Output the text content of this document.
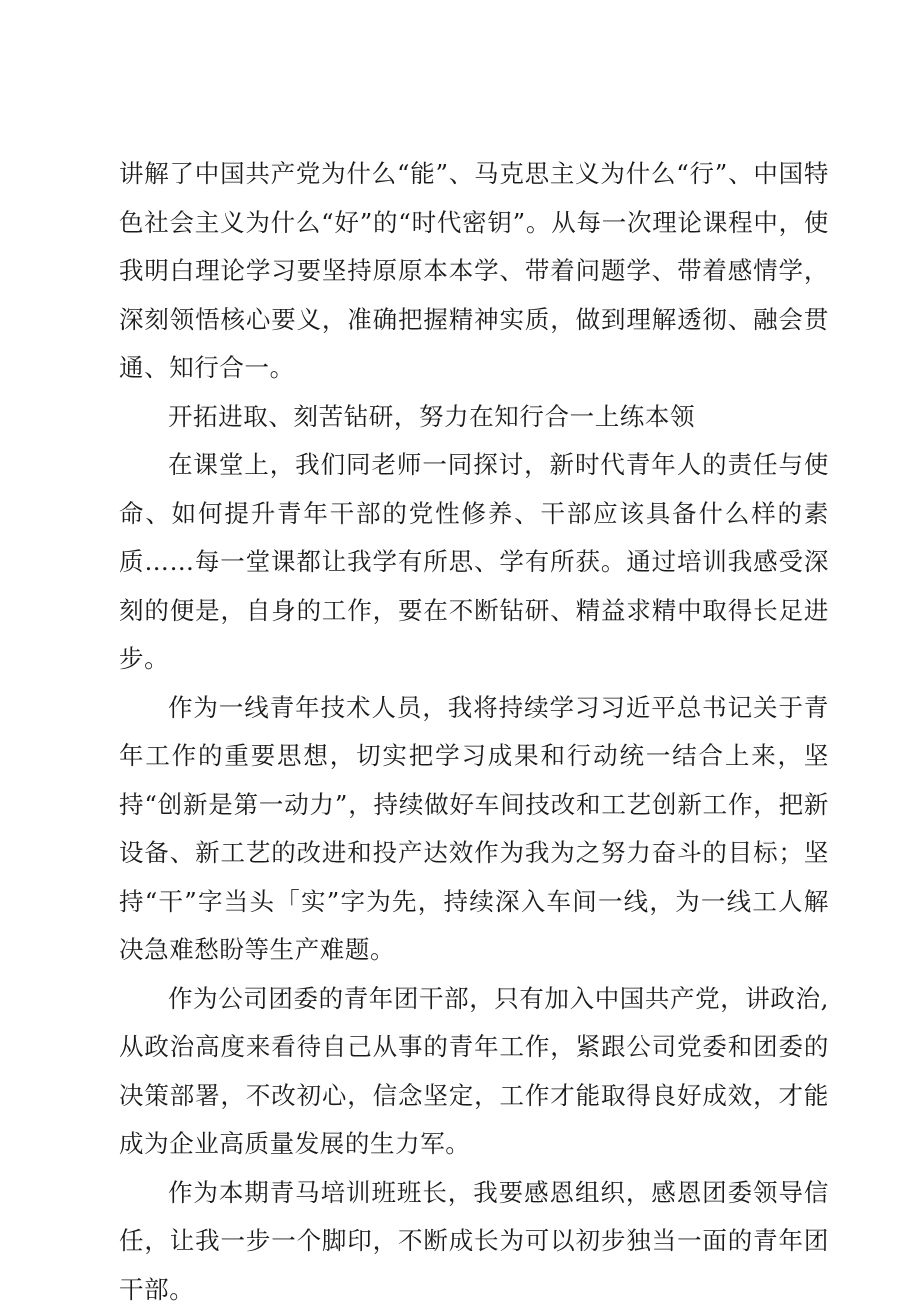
讲解了中国共产党为什么“能”、马克思主义为什么“行”、中国特色社会主义为什么“好”的“时代密钥”。从每一次理论课程中，使我明白理论学习要坚持原原本本学、带着问题学、带着感情学，深刻领悟核心要义，准确把握精神实质，做到理解透彻、融会贯通、知行合一。

开拓进取、刻苦钻研，努力在知行合一上练本领

在课堂上，我们同老师一同探讨，新时代青年人的责任与使命、如何提升青年干部的党性修养、干部应该具备什么样的素质……每一堂课都让我学有所思、学有所获。通过培训我感受深刻的便是，自身的工作，要在不断钻研、精益求精中取得长足进步。

作为一线青年技术人员，我将持续学习习近平总书记关于青年工作的重要思想，切实把学习成果和行动统一结合上来，坚持“创新是第一动力”，持续做好车间技改和工艺创新工作，把新设备、新工艺的改进和投产达效作为我为之努力奋斗的目标；坚持“干”字当头「实”字为先，持续深入车间一线，为一线工人解决急难愁盼等生产难题。

作为公司团委的青年团干部，只有加入中国共产党，讲政治,从政治高度来看待自己从事的青年工作，紧跟公司党委和团委的决策部署，不改初心，信念坚定，工作才能取得良好成效，才能成为企业高质量发展的生力军。

作为本期青马培训班班长，我要感恩组织，感恩团委领导信任，让我一步一个脚印，不断成长为可以初步独当一面的青年团干部。
